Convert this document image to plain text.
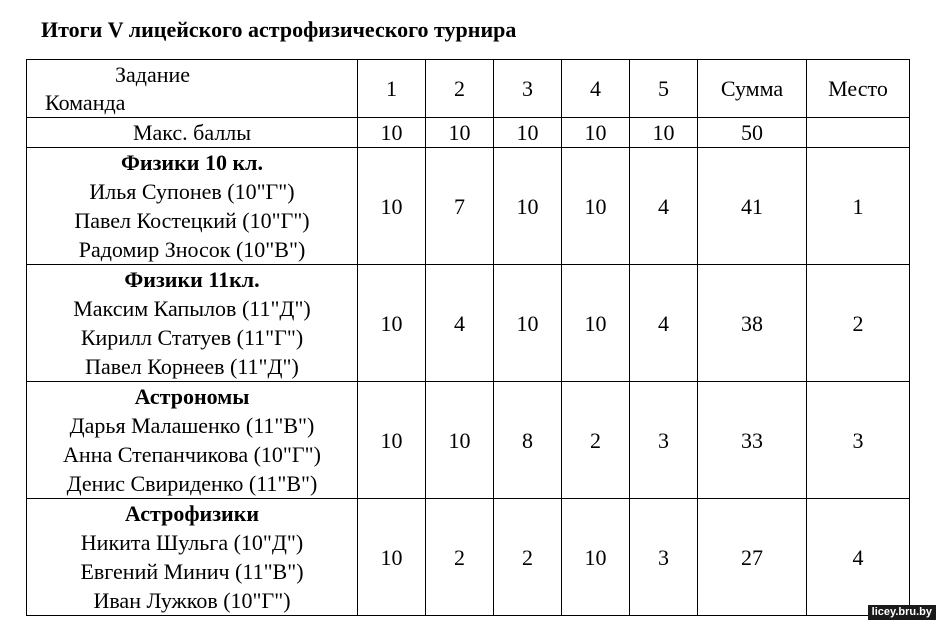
Итоги V лицейского астрофизического турнира
Задание
Команда	1	2	3	4	5	Сумма	Место
Макс. баллы	10	10	10	10	10	50	

Физики 10 кл.
Илья Супонев (10"Г")
Павел Костецкий (10"Г")
Радомир Зносок (10"В")	10	7	10	10	4	41	1

Физики 11кл.
Максим Капылов (11"Д")
Кирилл Статуев (11"Г")
Павел Корнеев (11"Д")	10	4	10	10	4	38	2

Астрономы
Дарья Малашенко (11"В")
Анна Степанчикова (10"Г")
Денис Свириденко (11"В")	10	10	8	2	3	33	3

Астрофизики
Никита Шульга (10"Д")
Евгений Минич (11"В")
Иван Лужков (10"Г")	10	2	2	10	3	27	4
licey.bru.by
